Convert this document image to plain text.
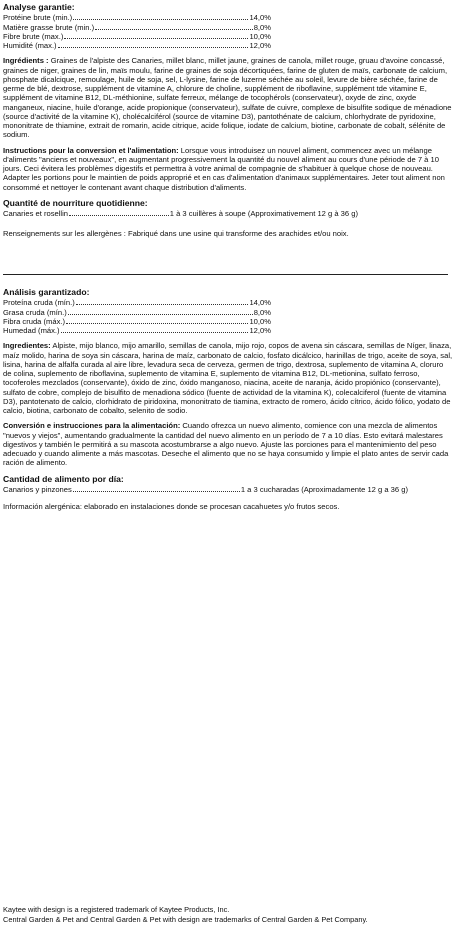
Analyse garantie:
Protéine brute (min.)	14,0%
Matière grasse brute (min.)	8,0%
Fibre brute (max.)	10,0%
Humidité (max.)	12,0%

Ingrédients : Graines de l'alpiste des Canaries, millet blanc, millet jaune, graines de canola, millet rouge, gruau d'avoine concassé, graines de niger, graines de lin, maïs moulu, farine de graines de soja décortiquées, farine de gluten de maïs, carbonate de calcium, phosphate dicalcique, remoulage, huile de soja, sel, L-lysine, farine de luzerne séchée au soleil, levure de bière séchée, farine de germe de blé, dextrose, supplément de vitamine A, chlorure de choline, supplément de riboflavine, supplément tde vitamine E, supplément de vitamine B12, DL-méthionine, sulfate ferreux, mélange de tocophérols (conservateur), oxyde de zinc, oxyde manganeux, niacine, huile d'orange, acide propionique (conservateur), sulfate de cuivre, complexe de bisulfite sodique de ménadione (source d'activité de la vitamine K), cholécalciférol (source de vitamine D3), pantothénate de calcium, chlorhydrate de pyridoxine, mononitrate de thiamine, extrait de romarin, acide citrique, acide folique, iodate de calcium, biotine, carbonate de cobalt, sélénite de sodium.

Instructions pour la conversion et l'alimentation: Lorsque vous introduisez un nouvel aliment, commencez avec un mélange d'aliments "anciens et nouveaux", en augmentant progressivement la quantité du nouvel aliment au cours d'une période de 7 à 10 jours. Ceci évitera les problèmes digestifs et permettra à votre animal de compagnie de s'habituer à quelque chose de nouveau. Adapter les portions pour le maintien de poids approprié et en cas d'alimentation d'animaux supplémentaires. Jeter tout aliment non consommé et nettoyer le contenant avant chaque distribution d'aliments.

Quantité de nourriture quotidienne:
Canaries et rosellin	1 à 3 cuillères à soupe (Approximativement 12 g à 36 g)

Renseignements sur les allergènes : Fabriqué dans une usine qui transforme des arachides et/ou noix.

Análisis garantizado:
Proteína cruda (mín.)	14,0%
Grasa cruda (mín.)	8,0%
Fibra cruda (máx.)	10,0%
Humedad (máx.)	12,0%

Ingredientes: Alpiste, mijo blanco, mijo amarillo, semillas de canola, mijo rojo, copos de avena sin cáscara, semillas de Níger, linaza, maíz molido, harina de soya sin cáscara, harina de maíz, carbonato de calcio, fosfato dicálcico, harinillas de trigo, aceite de soya, sal, lisina, harina de alfalfa curada al aire libre, levadura seca de cerveza, germen de trigo, dextrosa, suplemento de vitamina A, cloruro de colina, suplemento de riboflavina, suplemento de vitamina E, suplemento de vitamina B12, DL-metionina, sulfato ferroso, tocoferoles mezclados (conservante), óxido de zinc, óxido manganoso, niacina, aceite de naranja, ácido propiónico (conservante), sulfato de cobre, complejo de bisulfito de menadiona sódico (fuente de actividad de la vitamina K), colecalciferol (fuente de vitamina D3), pantotenato de calcio, clorhidrato de piridoxina, mononitrato de tiamina, extracto de romero, ácido cítrico, ácido fólico, yodato de calcio, biotina, carbonato de cobalto, selenito de sodio.

Conversión e instrucciones para la alimentación: Cuando ofrezca un nuevo alimento, comience con una mezcla de alimentos "nuevos y viejos", aumentando gradualmente la cantidad del nuevo alimento en un período de 7 a 10 días. Esto evitará malestares digestivos y también le permitirá a su mascota acostumbrarse a algo nuevo. Ajuste las porciones para el mantenimiento del peso adecuado y cuando alimente a más mascotas. Deseche el alimento que no se haya consumido y limpie el plato antes de servir cada ración de alimento.

Cantidad de alimento por día:
Canarios y pinzones	1 a 3 cucharadas (Aproximadamente 12 g a 36 g)

Información alergénica: elaborado en instalaciones donde se procesan cacahuetes y/o frutos secos.

Kaytee with design is a registered trademark of Kaytee Products, Inc.
Central Garden & Pet and Central Garden & Pet with design are trademarks of Central Garden & Pet Company.
